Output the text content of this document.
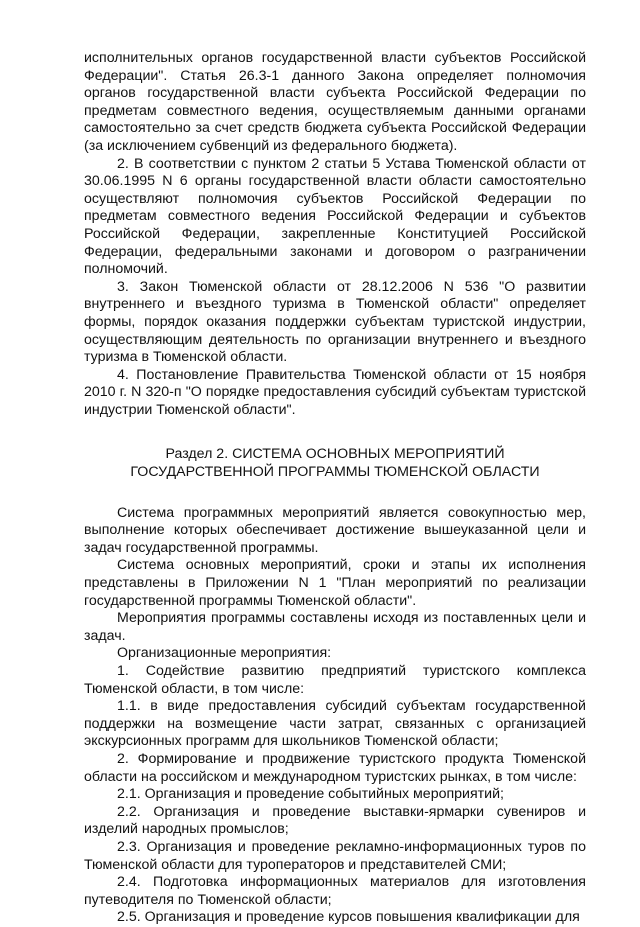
исполнительных органов государственной власти субъектов Российской Федерации". Статья 26.3-1 данного Закона определяет полномочия органов государственной власти субъекта Российской Федерации по предметам совместного ведения, осуществляемым данными органами самостоятельно за счет средств бюджета субъекта Российской Федерации (за исключением субвенций из федерального бюджета).

2. В соответствии с пунктом 2 статьи 5 Устава Тюменской области от 30.06.1995 N 6 органы государственной власти области самостоятельно осуществляют полномочия субъектов Российской Федерации по предметам совместного ведения Российской Федерации и субъектов Российской Федерации, закрепленные Конституцией Российской Федерации, федеральными законами и договором о разграничении полномочий.

3. Закон Тюменской области от 28.12.2006 N 536 "О развитии внутреннего и въездного туризма в Тюменской области" определяет формы, порядок оказания поддержки субъектам туристской индустрии, осуществляющим деятельность по организации внутреннего и въездного туризма в Тюменской области.

4. Постановление Правительства Тюменской области от 15 ноября 2010 г. N 320-п "О порядке предоставления субсидий субъектам туристской индустрии Тюменской области".

Раздел 2. СИСТЕМА ОСНОВНЫХ МЕРОПРИЯТИЙ
ГОСУДАРСТВЕННОЙ ПРОГРАММЫ ТЮМЕНСКОЙ ОБЛАСТИ

Система программных мероприятий является совокупностью мер, выполнение которых обеспечивает достижение вышеуказанной цели и задач государственной программы.

Система основных мероприятий, сроки и этапы их исполнения представлены в Приложении N 1 "План мероприятий по реализации государственной программы Тюменской области".

Мероприятия программы составлены исходя из поставленных цели и задач.

Организационные мероприятия:

1. Содействие развитию предприятий туристского комплекса Тюменской области, в том числе:

1.1. в виде предоставления субсидий субъектам государственной поддержки на возмещение части затрат, связанных с организацией экскурсионных программ для школьников Тюменской области;

2. Формирование и продвижение туристского продукта Тюменской области на российском и международном туристских рынках, в том числе:

2.1. Организация и проведение событийных мероприятий;

2.2. Организация и проведение выставки-ярмарки сувениров и изделий народных промыслов;

2.3. Организация и проведение рекламно-информационных туров по Тюменской области для туроператоров и представителей СМИ;

2.4. Подготовка информационных материалов для изготовления путеводителя по Тюменской области;

2.5. Организация и проведение курсов повышения квалификации для
